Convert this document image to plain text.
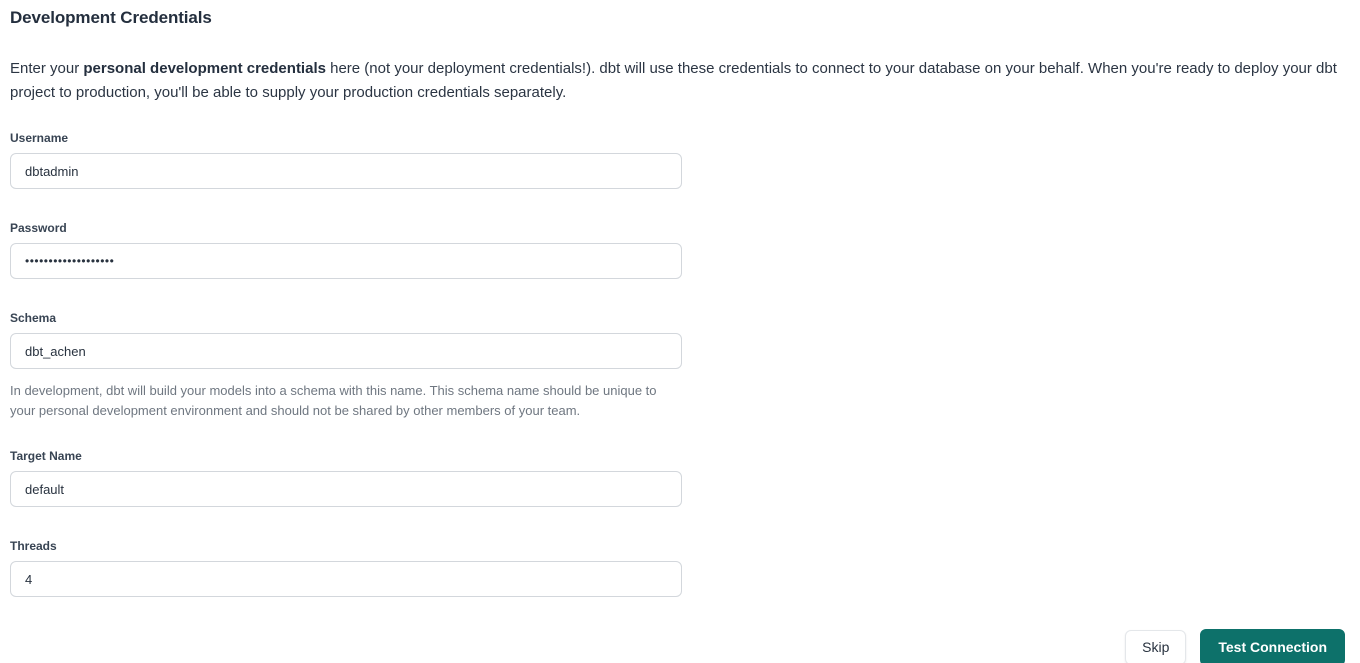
Development Credentials

Enter your personal development credentials here (not your deployment credentials!). dbt will use these credentials to connect to your database on your behalf. When you're ready to deploy your dbt project to production, you'll be able to supply your production credentials separately.

Username
dbtadmin
Password
•••••••••••••••••••
Schema
dbt_achen
In development, dbt will build your models into a schema with this name. This schema name should be unique to your personal development environment and should not be shared by other members of your team.
Target Name
default
Threads
4
Skip	Test Connection
